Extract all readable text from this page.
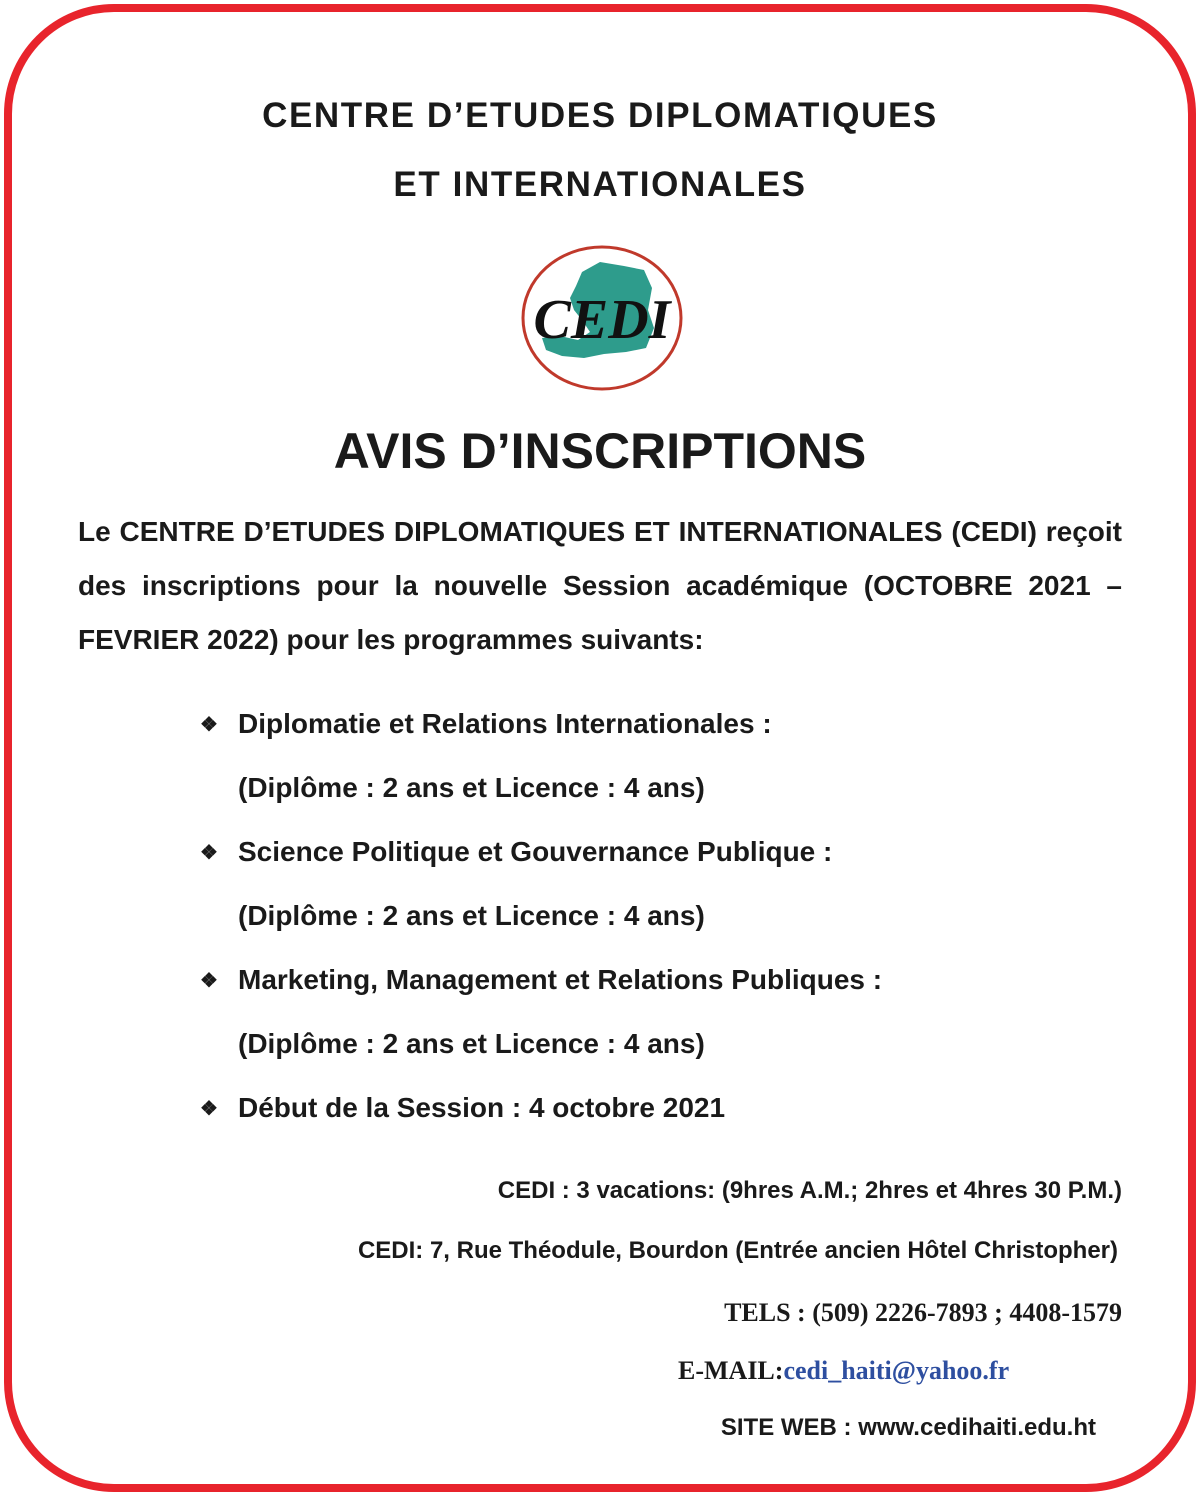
CENTRE D’ETUDES DIPLOMATIQUES
ET INTERNATIONALES
CEDI
AVIS D’INSCRIPTIONS
Le CENTRE D’ETUDES DIPLOMATIQUES ET INTERNATIONALES (CEDI) reçoit des inscriptions pour la nouvelle Session académique (OCTOBRE 2021 – FEVRIER 2022) pour les programmes suivants:
❖ Diplomatie et Relations Internationales :
(Diplôme : 2 ans et Licence : 4 ans)
❖ Science Politique et Gouvernance Publique :
(Diplôme : 2 ans et Licence : 4 ans)
❖ Marketing, Management et Relations Publiques :
(Diplôme : 2 ans et Licence : 4 ans)
❖ Début de la Session : 4 octobre 2021
CEDI : 3 vacations: (9hres A.M.; 2hres et 4hres 30 P.M.)
CEDI: 7, Rue Théodule, Bourdon (Entrée ancien Hôtel Christopher)
TELS : (509) 2226-7893 ; 4408-1579
E-MAIL:cedi_haiti@yahoo.fr
SITE WEB : www.cedihaiti.edu.ht
